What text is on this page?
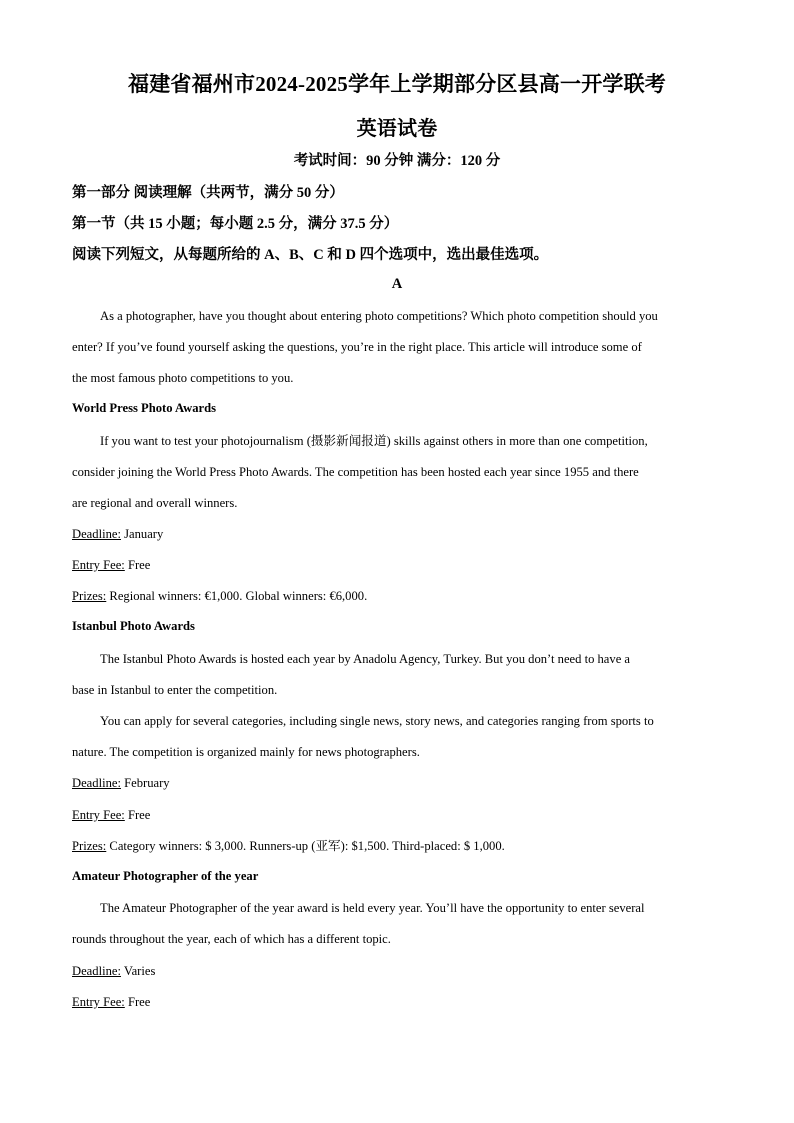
福建省福州市2024-2025学年上学期部分区县高一开学联考
英语试卷
考试时间：90 分钟 满分：120 分
第一部分 阅读理解（共两节，满分 50 分）
第一节（共 15 小题；每小题 2.5 分，满分 37.5 分）
阅读下列短文，从每题所给的 A、B、C 和 D 四个选项中，选出最佳选项。
A
As a photographer, have you thought about entering photo competitions? Which photo competition should you
enter? If you’ve found yourself asking the questions, you’re in the right place. This article will introduce some of
the most famous photo competitions to you.
World Press Photo Awards
If you want to test your photojournalism (摄影新闻报道) skills against others in more than one competition,
consider joining the World Press Photo Awards. The competition has been hosted each year since 1955 and there
are regional and overall winners.
Deadline: January
Entry Fee: Free
Prizes: Regional winners: €1,000. Global winners: €6,000.
Istanbul Photo Awards
The Istanbul Photo Awards is hosted each year by Anadolu Agency, Turkey. But you don’t need to have a
base in Istanbul to enter the competition.
You can apply for several categories, including single news, story news, and categories ranging from sports to
nature. The competition is organized mainly for news photographers.
Deadline: February
Entry Fee: Free
Prizes: Category winners: $ 3,000. Runners-up (亚军): $1,500. Third-placed: $ 1,000.
Amateur Photographer of the year
The Amateur Photographer of the year award is held every year. You’ll have the opportunity to enter several
rounds throughout the year, each of which has a different topic.
Deadline: Varies
Entry Fee: Free
